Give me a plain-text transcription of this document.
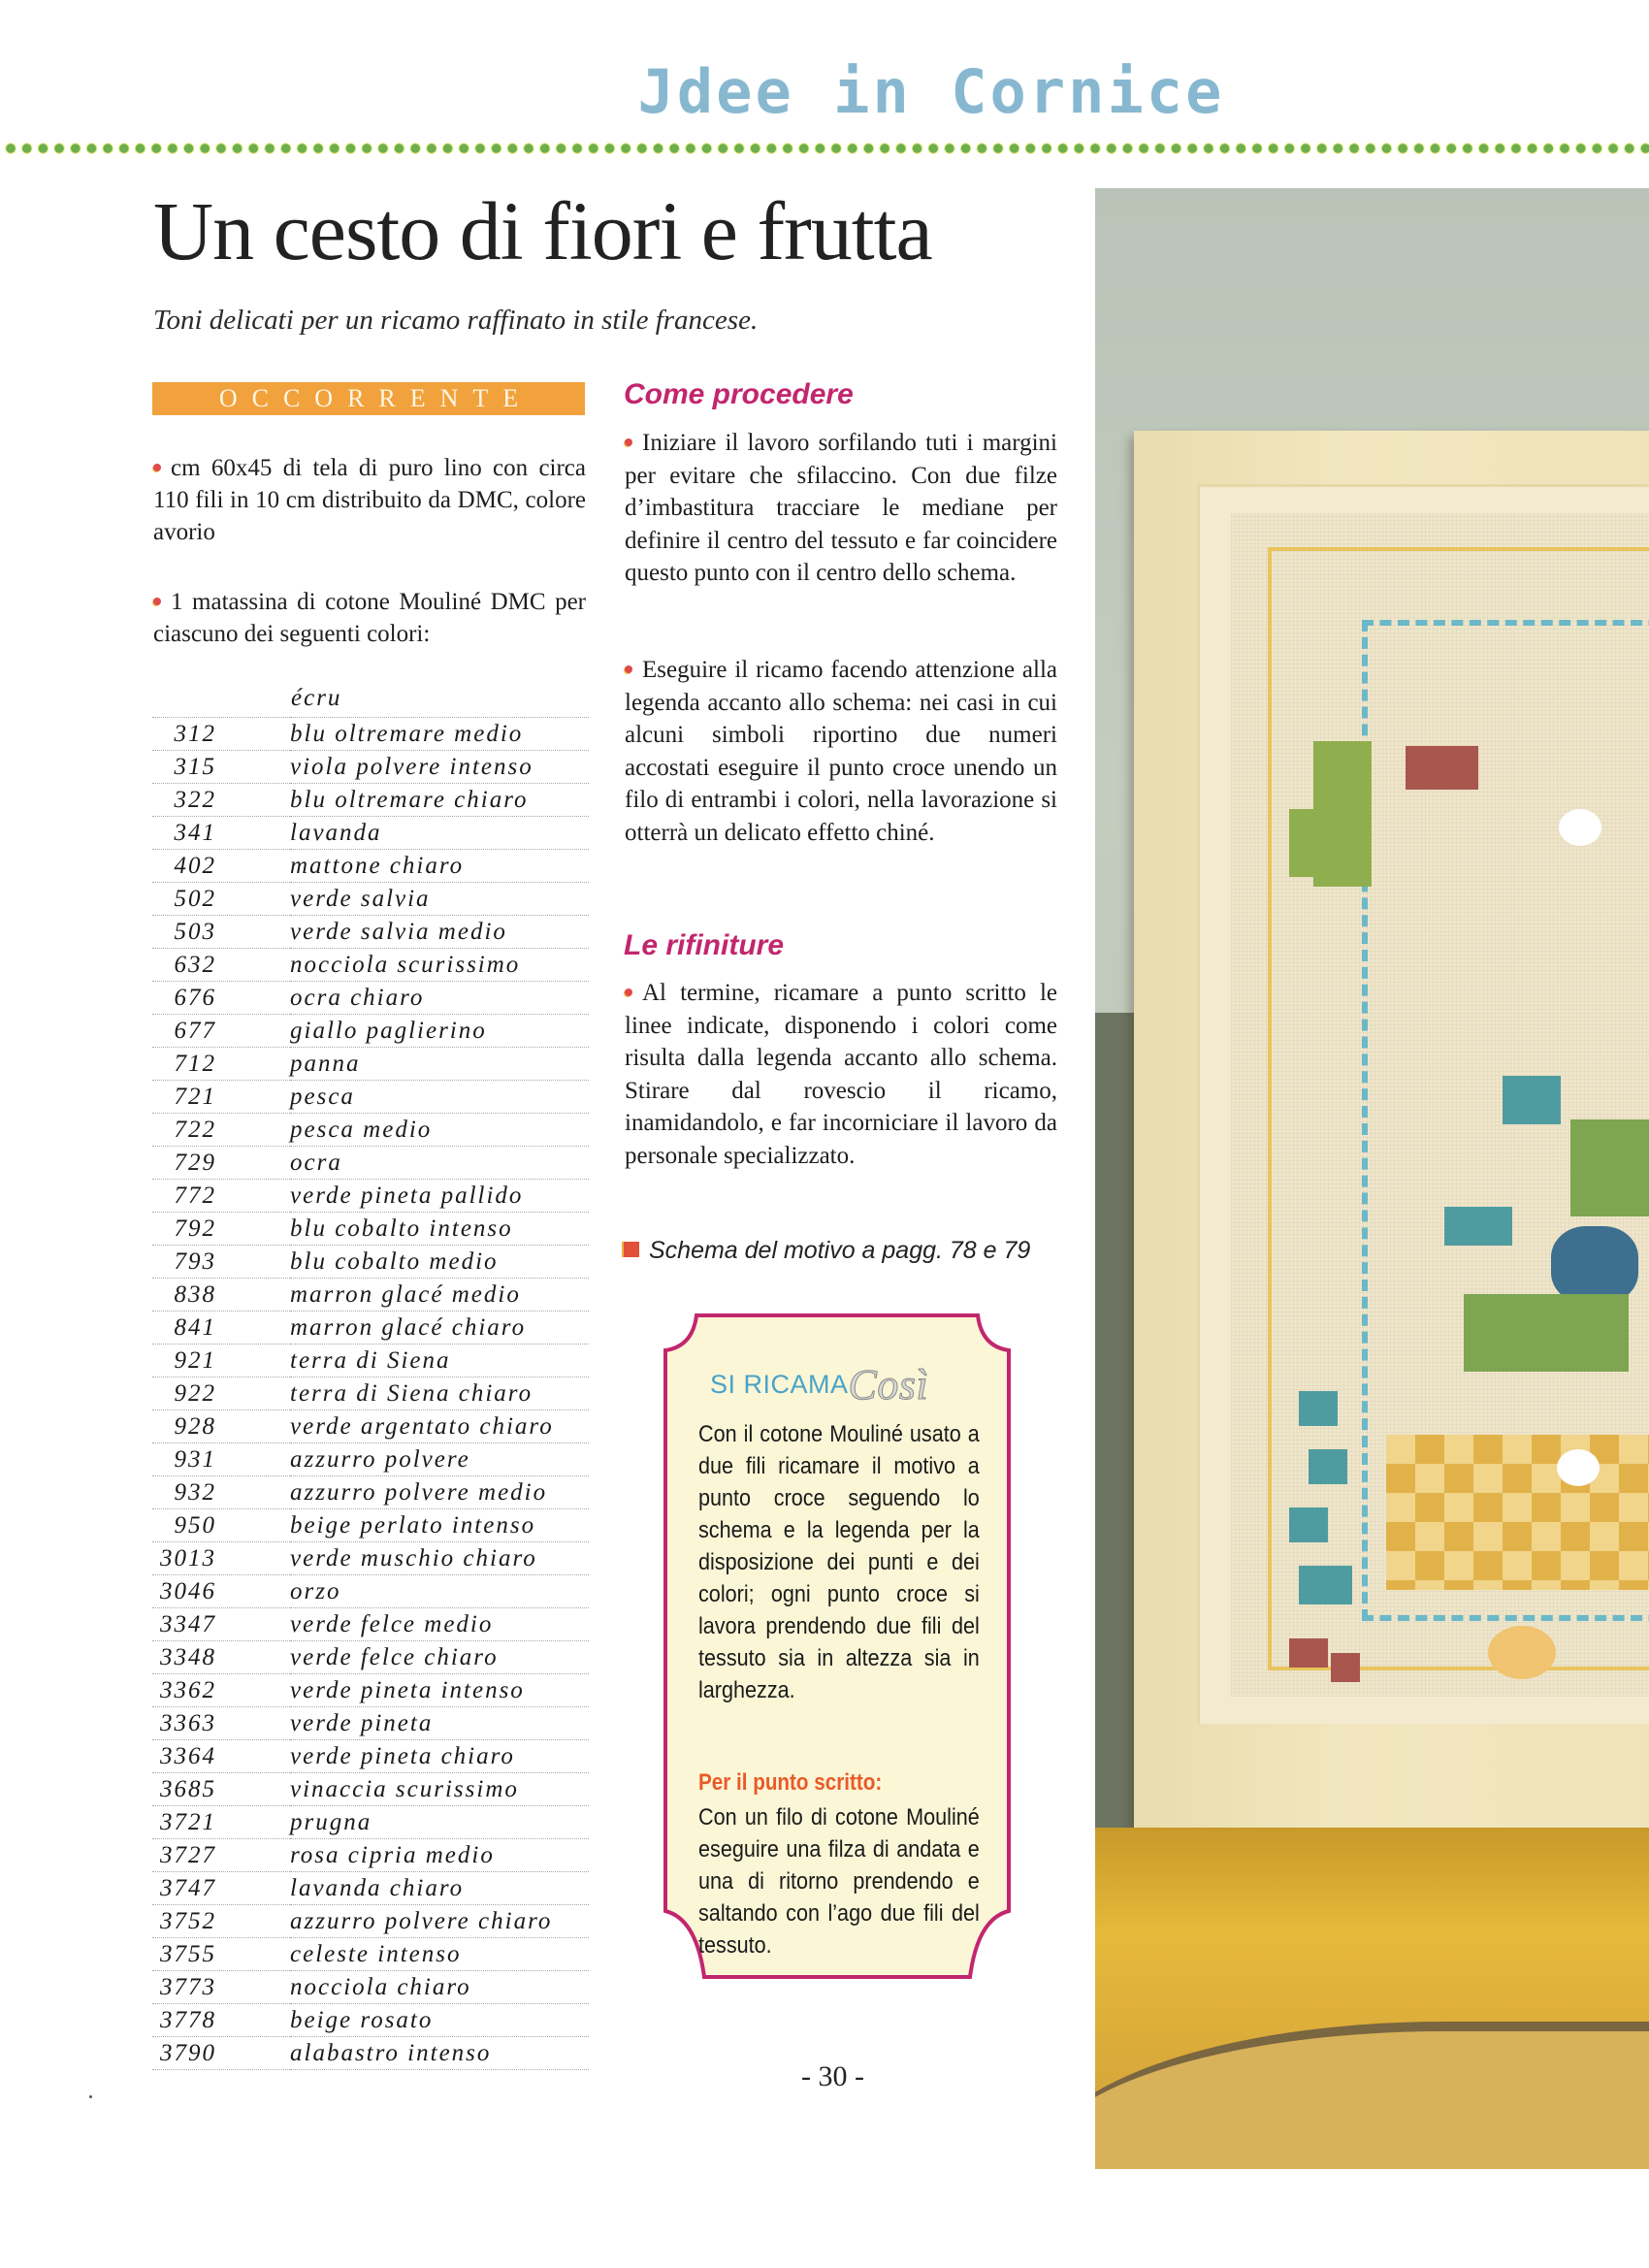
Jdee in Cornice
Un cesto di fiori e frutta

Toni delicati per un ricamo raffinato in stile francese.

OCCORRENTE

cm 60x45 di tela di puro lino con circa 110 fili in 10 cm distribuito da DMC, colore avorio

1 matassina di cotone Mouliné DMC per ciascuno dei seguenti colori:

écru
312	blu oltremare medio
315	viola polvere intenso
322	blu oltremare chiaro
341	lavanda
402	mattone chiaro
502	verde salvia
503	verde salvia medio
632	nocciola scurissimo
676	ocra chiaro
677	giallo paglierino
712	panna
721	pesca
722	pesca medio
729	ocra
772	verde pineta pallido
792	blu cobalto intenso
793	blu cobalto medio
838	marron glacé medio
841	marron glacé chiaro
921	terra di Siena
922	terra di Siena chiaro
928	verde argentato chiaro
931	azzurro polvere
932	azzurro polvere medio
950	beige perlato intenso
3013	verde muschio chiaro
3046	orzo
3347	verde felce medio
3348	verde felce chiaro
3362	verde pineta intenso
3363	verde pineta
3364	verde pineta chiaro
3685	vinaccia scurissimo
3721	prugna
3727	rosa cipria medio
3747	lavanda chiaro
3752	azzurro polvere chiaro
3755	celeste intenso
3773	nocciola chiaro
3778	beige rosato
3790	alabastro intenso
Come procedere

Iniziare il lavoro sorfilando tuti i margini per evitare che sfilaccino. Con due filze d’imbastitura tracciare le mediane per definire il centro del tessuto e far coincidere questo punto con il centro dello schema.

Eseguire il ricamo facendo attenzione alla legenda accanto allo schema: nei casi in cui alcuni simboli riportino due numeri accostati eseguire il punto croce unendo un filo di entrambi i colori, nella lavorazione si otterrà un delicato effetto chiné.

Le rifiniture

Al termine, ricamare a punto scritto le linee indicate, disponendo i colori come risulta dalla legenda accanto allo schema. Stirare dal rovescio il ricamo, inamidandolo, e far incorniciare il lavoro da personale specializzato.

Schema del motivo a pagg. 78 e 79
SI RICAMACosì

Con il cotone Mouliné usato a due fili ricamare il motivo a punto croce seguendo lo schema e la legenda per la disposizione dei punti e dei colori; ogni punto croce si lavora prendendo due fili del tessuto sia in altezza sia in larghezza.

Per il punto scritto:

Con un filo di cotone Mouliné eseguire una filza di andata e una di ritorno prendendo e saltando con l’ago due fili del tessuto.

- 30 -
